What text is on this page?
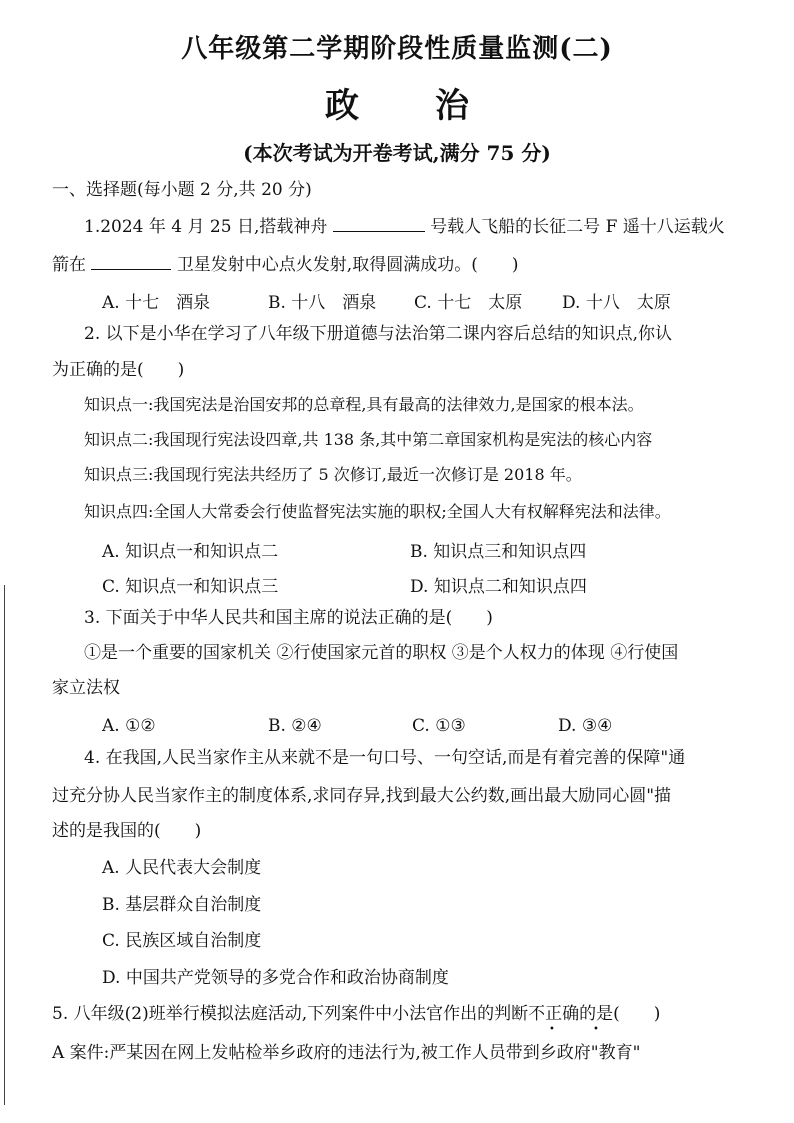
八年级第二学期阶段性质量监测(二)
政 治
(本次考试为开卷考试,满分 75 分)
一、选择题(每小题 2 分,共 20 分)
1.2024 年 4 月 25 日,搭载神舟	号载人飞船的长征二号 F 遥十八运载火
箭在	卫星发射中心点火发射,取得圆满成功。(　　)
A. 十七　酒泉	B. 十八　酒泉 C. 十七　太原 D. 十八　太原
2. 以下是小华在学习了八年级下册道德与法治第二课内容后总结的知识点,你认
为正确的是(　　)
知识点一:我国宪法是治国安邦的总章程,具有最高的法律效力,是国家的根本法。
知识点二:我国现行宪法设四章,共 138 条,其中第二章国家机构是宪法的核心内容
知识点三:我国现行宪法共经历了 5 次修订,最近一次修订是 2018 年。
知识点四:全国人大常委会行使监督宪法实施的职权;全国人大有权解释宪法和法律。
A. 知识点一和知识点二	B. 知识点三和知识点四
C. 知识点一和知识点三	D. 知识点二和知识点四
3. 下面关于中华人民共和国主席的说法正确的是(　　)
①是一个重要的国家机关 ②行使国家元首的职权 ③是个人权力的体现 ④行使国
家立法权
A. ①②	B. ②④	C. ①③	D. ③④
4. 在我国,人民当家作主从来就不是一句口号、一句空话,而是有着完善的保障"通
过充分协人民当家作主的制度体系,求同存异,找到最大公约数,画出最大励同心圆"描
述的是我国的(　　)
A. 人民代表大会制度
B. 基层群众自治制度
C. 民族区域自治制度
D. 中国共产党领导的多党合作和政治协商制度
5. 八年级(2)班举行模拟法庭活动,下列案件中小法官作出的判断不正确的是(　　)
•	•
A 案件:严某因在网上发帖检举乡政府的违法行为,被工作人员带到乡政府"教育"
